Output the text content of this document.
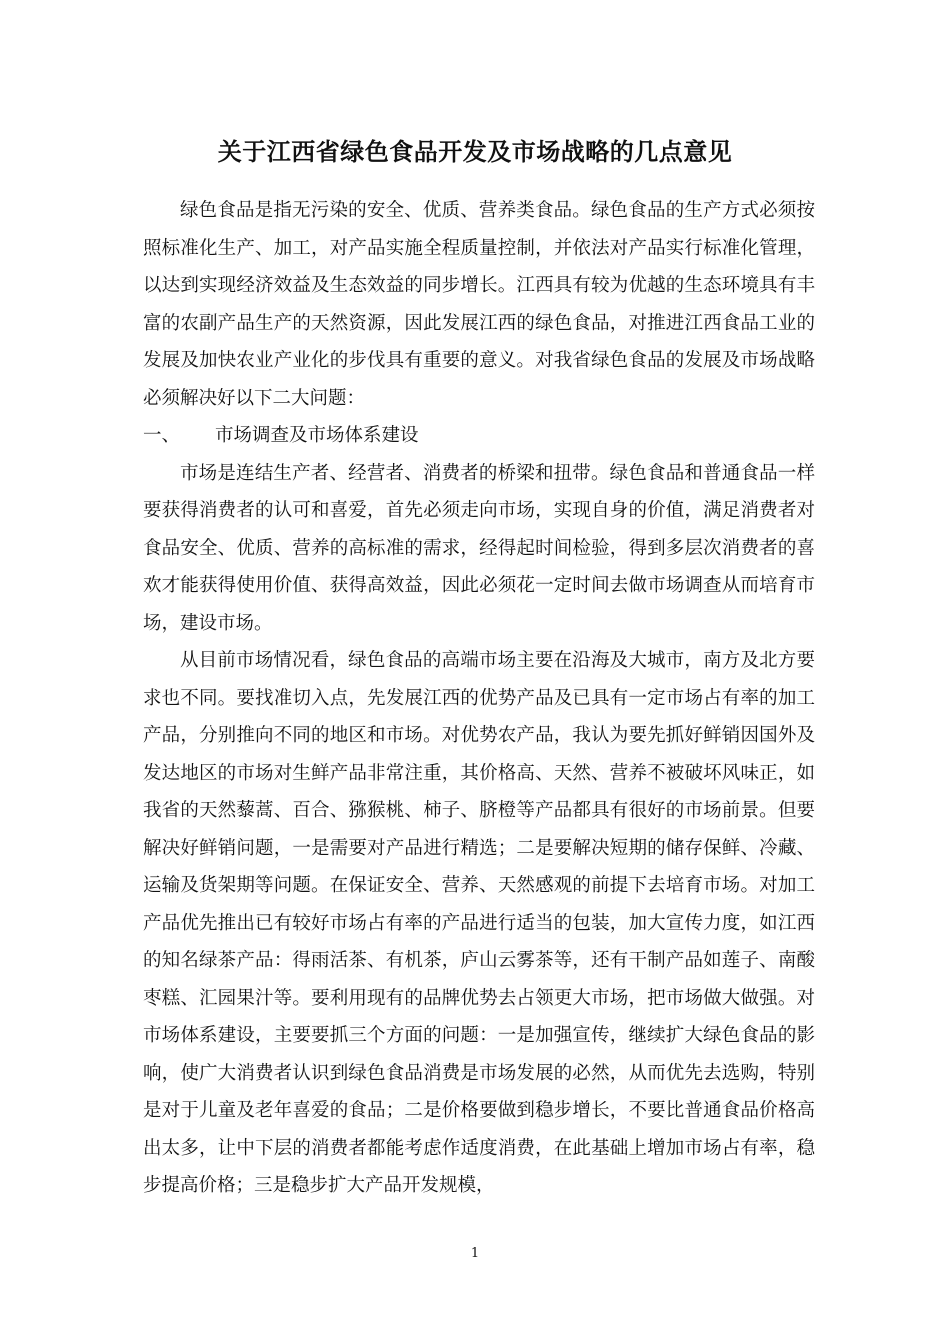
关于江西省绿色食品开发及市场战略的几点意见

绿色食品是指无污染的安全、优质、营养类食品。绿色食品的生产方式必须按照标准化生产、加工，对产品实施全程质量控制，并依法对产品实行标准化管理，以达到实现经济效益及生态效益的同步增长。江西具有较为优越的生态环境具有丰富的农副产品生产的天然资源，因此发展江西的绿色食品，对推进江西食品工业的发展及加快农业产业化的步伐具有重要的意义。对我省绿色食品的发展及市场战略必须解决好以下二大问题：

一、	市场调查及市场体系建设

市场是连结生产者、经营者、消费者的桥梁和扭带。绿色食品和普通食品一样要获得消费者的认可和喜爱，首先必须走向市场，实现自身的价值，满足消费者对食品安全、优质、营养的高标准的需求，经得起时间检验，得到多层次消费者的喜欢才能获得使用价值、获得高效益，因此必须花一定时间去做市场调查从而培育市场，建设市场。

从目前市场情况看，绿色食品的高端市场主要在沿海及大城市，南方及北方要求也不同。要找准切入点，先发展江西的优势产品及已具有一定市场占有率的加工产品，分别推向不同的地区和市场。对优势农产品，我认为要先抓好鲜销因国外及发达地区的市场对生鲜产品非常注重，其价格高、天然、营养不被破坏风味正，如我省的天然藜蒿、百合、猕猴桃、柿子、脐橙等产品都具有很好的市场前景。但要解决好鲜销问题，一是需要对产品进行精选；二是要解决短期的储存保鲜、冷藏、运输及货架期等问题。在保证安全、营养、天然感观的前提下去培育市场。对加工产品优先推出已有较好市场占有率的产品进行适当的包装，加大宣传力度，如江西的知名绿茶产品：得雨活茶、有机茶，庐山云雾茶等，还有干制产品如莲子、南酸枣糕、汇园果汁等。要利用现有的品牌优势去占领更大市场，把市场做大做强。对市场体系建设，主要要抓三个方面的问题：一是加强宣传，继续扩大绿色食品的影响，使广大消费者认识到绿色食品消费是市场发展的必然，从而优先去选购，特别是对于儿童及老年喜爱的食品；二是价格要做到稳步增长，不要比普通食品价格高出太多，让中下层的消费者都能考虑作适度消费，在此基础上增加市场占有率，稳步提高价格；三是稳步扩大产品开发规模，

1
